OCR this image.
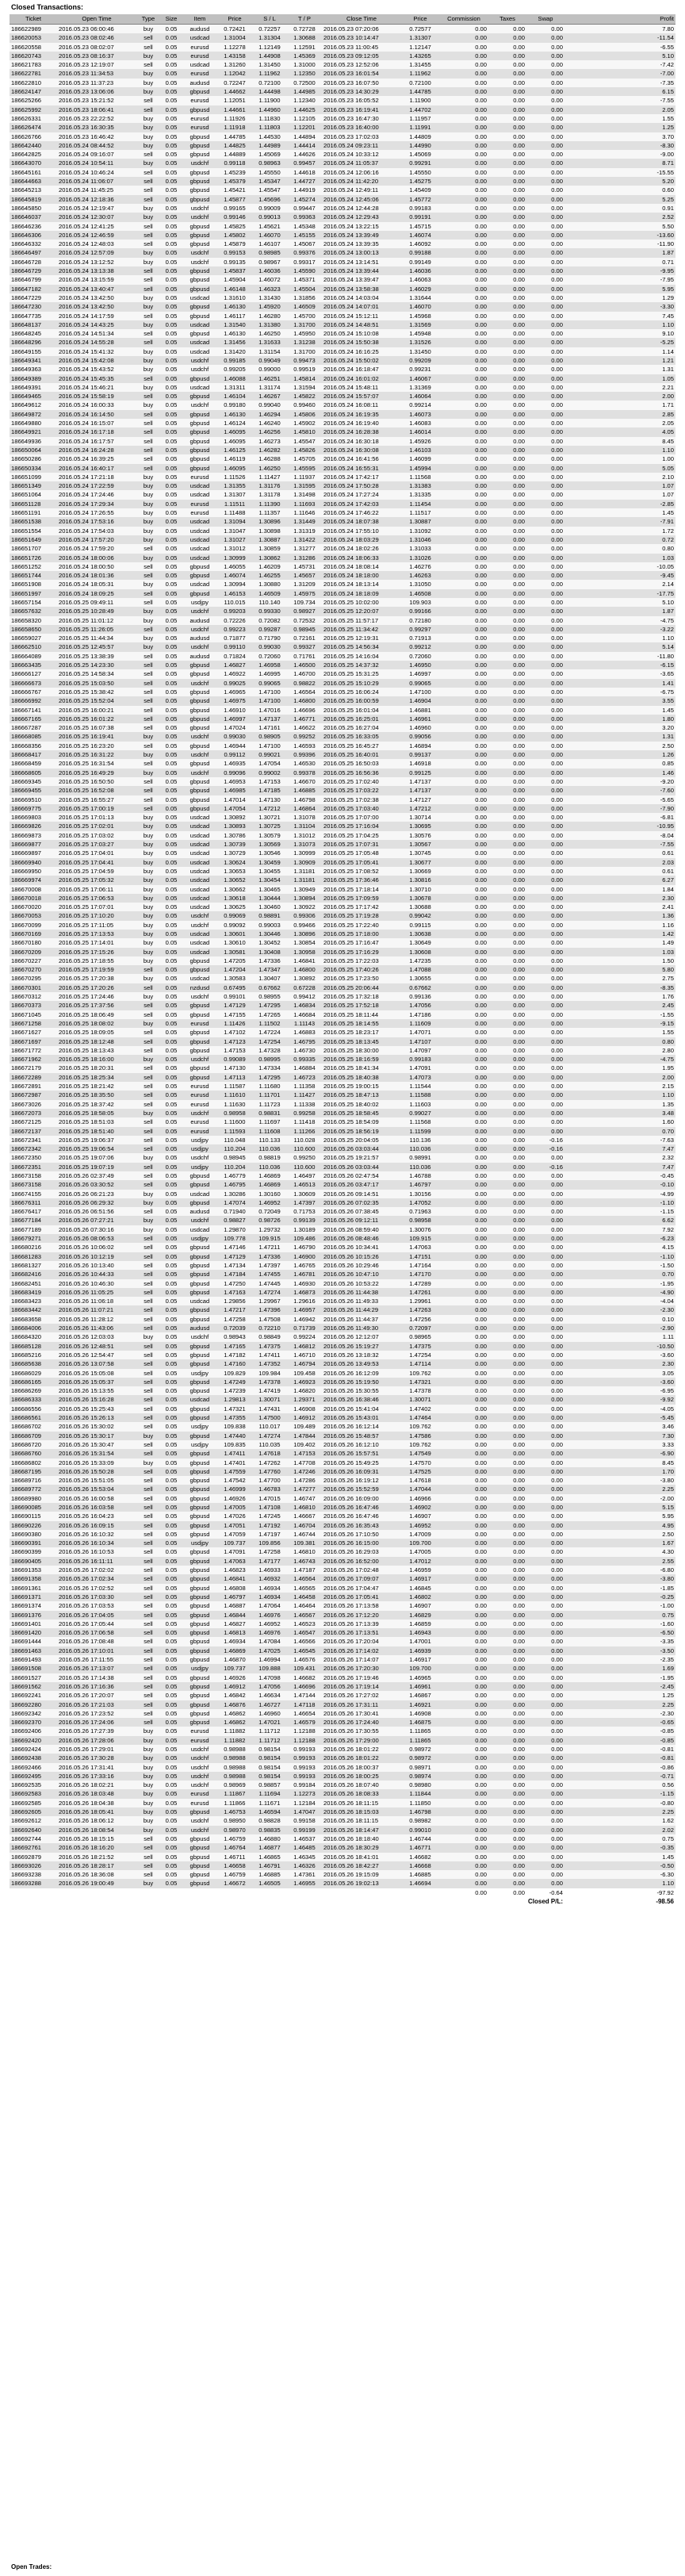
Closed Transactions:
Ticket	Open Time	Type	Size	Item	Price	S / L	T / P	Close Time	Price	Commission	Taxes	Swap	Profit
186622989	2016.05.23 06:00:46	buy	0.05	audusd	0.72421	0.72257	0.72728	2016.05.23 07:20:06	0.72577	0.00	0.00	0.00	7.80
186620053	2016.05.23 08:02:46	sell	0.05	usdcad	1.31004	1.31304	1.30688	2016.05.23 10:14:47	1.31307	0.00	0.00	0.00	-11.54
186620558	2016.05.23 08:02:07	sell	0.05	eurusd	1.12278	1.12149	1.12591	2016.05.23 11:00:45	1.12147	0.00	0.00	0.00	-6.55
186620743	2016.05.23 08:16:37	buy	0.05	eurusd	1.43158	1.44908	1.45369	2016.05.23 09:12:05	1.43265	0.00	0.00	0.00	5.10
186621783	2016.05.23 12:19:07	sell	0.05	usdcad	1.31260	1.31450	1.31000	2016.05.23 12:52:06	1.31455	0.00	0.00	0.00	-7.42
186622781	2016.05.23 11:34:53	buy	0.05	eurusd	1.12042	1.11962	1.12350	2016.05.23 16:01:54	1.11962	0.00	0.00	0.00	-7.00
186622810	2016.05.23 11:37:23	buy	0.05	audusd	0.72247	0.72100	0.72500	2016.05.23 16:07:50	0.72100	0.00	0.00	0.00	-7.35
186624147	2016.05.23 13:06:06	buy	0.05	gbpusd	1.44662	1.44498	1.44985	2016.05.23 14:30:29	1.44785	0.00	0.00	0.00	6.15
186625266	2016.05.23 15:21:52	sell	0.05	eurusd	1.12051	1.11900	1.12340	2016.05.23 16:05:52	1.11900	0.00	0.00	0.00	-7.55
186625992	2016.05.23 18:06:41	sell	0.05	gbpusd	1.44661	1.44960	1.44625	2016.05.23 16:19:41	1.44702	0.00	0.00	0.00	2.05
186626331	2016.05.23 22:22:52	buy	0.05	eurusd	1.11926	1.11830	1.12105	2016.05.23 16:47:30	1.11957	0.00	0.00	0.00	1.55
186626474	2016.05.23 16:30:35	buy	0.05	eurusd	1.11918	1.11803	1.12201	2016.05.23 16:40:00	1.11991	0.00	0.00	0.00	1.25
186626766	2016.05.23 16:46:42	buy	0.05	gbpusd	1.44785	1.44530	1.44894	2016.05.23 17:02:03	1.44809	0.00	0.00	0.00	3.70
186642440	2016.05.24 08:44:52	buy	0.05	gbpusd	1.44825	1.44989	1.44414	2016.05.24 09:23:11	1.44990	0.00	0.00	0.00	-8.30
186642825	2016.05.24 09:16:07	sell	0.05	gbpusd	1.44889	1.45069	1.44626	2016.05.24 10:33:12	1.45069	0.00	0.00	0.00	-9.00
186643070	2016.05.24 10:54:11	buy	0.05	usdchf	0.99118	0.98963	0.99457	2016.05.24 11:05:37	0.99291	0.00	0.00	0.00	8.71
186645161	2016.05.24 10:46:24	sell	0.05	gbpusd	1.45239	1.45550	1.44618	2016.05.24 12:06:16	1.45550	0.00	0.00	0.00	-15.55
186644663	2016.05.24 11:06:07	sell	0.05	gbpusd	1.45379	1.45347	1.44727	2016.05.24 11:42:20	1.45275	0.00	0.00	0.00	5.20
186645213	2016.05.24 11:45:25	sell	0.05	gbpusd	1.45421	1.45547	1.44919	2016.05.24 12:49:11	1.45409	0.00	0.00	0.00	0.60
186645819	2016.05.24 12:18:36	sell	0.05	gbpusd	1.45877	1.45696	1.45274	2016.05.24 12:45:06	1.45772	0.00	0.00	0.00	5.25
186645850	2016.05.24 12:19:47	buy	0.05	usdchf	0.99165	0.99009	0.99447	2016.05.24 12:44:28	0.99183	0.00	0.00	0.00	0.91
186646037	2016.05.24 12:30:07	buy	0.05	usdchf	0.99146	0.99013	0.99363	2016.05.24 12:29:43	0.99191	0.00	0.00	0.00	2.52
186646236	2016.05.24 12:41:25	sell	0.05	gbpusd	1.45825	1.45621	1.45348	2016.05.24 13:22:15	1.45715	0.00	0.00	0.00	5.50
186646306	2016.05.24 12:46:59	sell	0.05	gbpusd	1.45802	1.46070	1.45155	2016.05.24 13:39:49	1.46074	0.00	0.00	0.00	-13.60
186646332	2016.05.24 12:48:03	sell	0.05	gbpusd	1.45879	1.46107	1.45067	2016.05.24 13:39:35	1.46092	0.00	0.00	0.00	-11.90
186646497	2016.05.24 12:57:09	buy	0.05	usdchf	0.99153	0.98985	0.99376	2016.05.24 13:00:13	0.99188	0.00	0.00	0.00	1.87
186646728	2016.05.24 13:12:52	buy	0.05	usdchf	0.99135	0.98967	0.99317	2016.05.24 13:14:51	0.99149	0.00	0.00	0.00	0.71
186646729	2016.05.24 13:13:38	sell	0.05	gbpusd	1.45837	1.46036	1.45590	2016.05.24 13:39:44	1.46036	0.00	0.00	0.00	-9.95
186646799	2016.05.24 13:15:59	sell	0.05	gbpusd	1.45904	1.46072	1.45371	2016.05.24 13:39:47	1.46063	0.00	0.00	0.00	-7.95
186647182	2016.05.24 13:40:47	sell	0.05	gbpusd	1.46148	1.46323	1.45504	2016.05.24 13:58:38	1.46029	0.00	0.00	0.00	5.95
186647229	2016.05.24 13:42:50	buy	0.05	usdcad	1.31610	1.31430	1.31856	2016.05.24 14:03:04	1.31644	0.00	0.00	0.00	1.29
186647230	2016.05.24 13:42:50	buy	0.05	gbpusd	1.46130	1.45920	1.46509	2016.05.24 14:07:01	1.46070	0.00	0.00	0.00	-3.30
186647735	2016.05.24 14:17:59	sell	0.05	gbpusd	1.46117	1.46280	1.45700	2016.05.24 15:12:11	1.45968	0.00	0.00	0.00	7.45
186648137	2016.05.24 14:43:25	buy	0.05	usdcad	1.31540	1.31380	1.31700	2016.05.24 14:48:51	1.31569	0.00	0.00	0.00	1.10
186648245	2016.05.24 14:51:34	sell	0.05	gbpusd	1.46130	1.46250	1.45950	2016.05.24 15:10:08	1.45948	0.00	0.00	0.00	9.10
186648296	2016.05.24 14:55:28	sell	0.05	usdcad	1.31456	1.31633	1.31238	2016.05.24 15:50:38	1.31526	0.00	0.00	0.00	-5.25
186649155	2016.05.24 15:41:32	buy	0.05	usdcad	1.31420	1.31154	1.31700	2016.05.24 16:16:25	1.31450	0.00	0.00	0.00	1.14
186649341	2016.05.24 15:42:08	buy	0.05	usdchf	0.99185	0.99049	0.99473	2016.05.24 15:50:02	0.99209	0.00	0.00	0.00	1.21
186649363	2016.05.24 15:43:52	buy	0.05	usdchf	0.99205	0.99000	0.99519	2016.05.24 16:18:47	0.99231	0.00	0.00	0.00	1.31
186649389	2016.05.24 15:45:35	sell	0.05	gbpusd	1.46088	1.46251	1.45814	2016.05.24 16:01:02	1.46067	0.00	0.00	0.00	1.05
186649391	2016.05.24 15:46:21	buy	0.05	usdcad	1.31311	1.31174	1.31594	2016.05.24 15:48:11	1.31369	0.00	0.00	0.00	2.21
186649465	2016.05.24 15:58:19	sell	0.05	gbpusd	1.46104	1.46267	1.45822	2016.05.24 15:57:07	1.46064	0.00	0.00	0.00	2.00
186649612	2016.05.24 16:00:33	buy	0.05	usdchf	0.99180	0.99040	0.99460	2016.05.24 16:08:11	0.99214	0.00	0.00	0.00	1.71
186649872	2016.05.24 16:14:50	sell	0.05	gbpusd	1.46130	1.46294	1.45806	2016.05.24 16:19:35	1.46073	0.00	0.00	0.00	2.85
186649880	2016.05.24 16:15:07	sell	0.05	gbpusd	1.46124	1.46240	1.45902	2016.05.24 16:19:40	1.46083	0.00	0.00	0.00	2.05
186649921	2016.05.24 16:17:18	sell	0.05	gbpusd	1.46095	1.46256	1.45810	2016.05.24 16:28:38	1.46014	0.00	0.00	0.00	4.05
186649936	2016.05.24 16:17:57	sell	0.05	gbpusd	1.46095	1.46273	1.45547	2016.05.24 16:30:18	1.45926	0.00	0.00	0.00	8.45
186650064	2016.05.24 16:24:28	sell	0.05	gbpusd	1.46125	1.46282	1.45826	2016.05.24 16:30:08	1.46103	0.00	0.00	0.00	1.10
186650286	2016.05.24 16:39:25	sell	0.05	gbpusd	1.46119	1.46288	1.45705	2016.05.24 16:41:56	1.46099	0.00	0.00	0.00	1.00
186650334	2016.05.24 16:40:17	sell	0.05	gbpusd	1.46095	1.46250	1.45595	2016.05.24 16:55:31	1.45994	0.00	0.00	0.00	5.05
186651099	2016.05.24 17:21:18	buy	0.05	eurusd	1.11526	1.11427	1.11937	2016.05.24 17:42:17	1.11568	0.00	0.00	0.00	2.10
186651349	2016.05.24 17:22:59	buy	0.05	usdcad	1.31355	1.31176	1.31595	2016.05.24 17:50:28	1.31383	0.00	0.00	0.00	1.07
186651064	2016.05.24 17:24:46	buy	0.05	usdcad	1.31307	1.31178	1.31498	2016.05.24 17:27:24	1.31335	0.00	0.00	0.00	1.07
186651128	2016.05.24 17:29:34	buy	0.05	eurusd	1.11511	1.11390	1.11693	2016.05.24 17:42:03	1.11454	0.00	0.00	0.00	-2.85
186651191	2016.05.24 17:26:55	buy	0.05	eurusd	1.11488	1.11357	1.11646	2016.05.24 17:46:22	1.11517	0.00	0.00	0.00	1.45
186651538	2016.05.24 17:53:16	buy	0.05	usdcad	1.31094	1.30896	1.31449	2016.05.24 18:07:38	1.30887	0.00	0.00	0.00	-7.91
186651554	2016.05.24 17:54:03	buy	0.05	usdcad	1.31047	1.30898	1.31319	2016.05.24 17:55:10	1.31092	0.00	0.00	0.00	1.72
186651649	2016.05.24 17:57:20	buy	0.05	usdcad	1.31027	1.30887	1.31422	2016.05.24 18:03:29	1.31046	0.00	0.00	0.00	0.72
186651707	2016.05.24 17:59:20	sell	0.05	usdcad	1.31012	1.30859	1.31277	2016.05.24 18:02:26	1.31033	0.00	0.00	0.00	0.80
186651726	2016.05.24 18:00:06	buy	0.05	usdcad	1.30999	1.30862	1.31286	2016.05.24 18:06:33	1.31026	0.00	0.00	0.00	1.03
186651252	2016.05.24 18:00:50	sell	0.05	gbpusd	1.46055	1.46209	1.45731	2016.05.24 18:08:14	1.46276	0.00	0.00	0.00	-10.05
186651744	2016.05.24 18:01:36	sell	0.05	gbpusd	1.46074	1.46255	1.45657	2016.05.24 18:18:00	1.46263	0.00	0.00	0.00	-9.45
186651908	2016.05.24 18:05:31	buy	0.05	usdcad	1.30994	1.30880	1.31209	2016.05.24 18:13:14	1.31050	0.00	0.00	0.00	2.14
186651997	2016.05.24 18:09:25	sell	0.05	gbpusd	1.46153	1.46509	1.45975	2016.05.24 18:18:09	1.46508	0.00	0.00	0.00	-17.75
186657154	2016.05.25 09:49:11	sell	0.05	usdjpy	110.015	110.140	109.734	2016.05.25 10:02:00	109.903	0.00	0.00	0.00	5.10
186657632	2016.05.25 10:28:49	buy	0.05	usdchf	0.99203	0.99330	0.98927	2016.05.25 12:20:07	0.99166	0.00	0.00	0.00	1.87
186658320	2016.05.25 11:01:12	buy	0.05	audusd	0.72226	0.72082	0.72532	2016.05.25 11:57:17	0.72180	0.00	0.00	0.00	-4.75
186658650	2016.05.25 11:26:05	sell	0.05	usdchf	0.99223	0.99287	0.98945	2016.05.25 11:34:42	0.99297	0.00	0.00	0.00	-3.22
186659027	2016.05.25 11:44:34	buy	0.05	audusd	0.71877	0.71790	0.72161	2016.05.25 12:19:31	0.71913	0.00	0.00	0.00	1.10
186662510	2016.05.25 12:45:57	buy	0.05	usdchf	0.99110	0.99030	0.99327	2016.05.25 14:56:34	0.99212	0.00	0.00	0.00	5.14
186664089	2016.05.25 13:38:39	sell	0.05	audusd	0.71824	0.72060	0.71761	2016.05.25 14:16:04	0.72060	0.00	0.00	0.00	-11.80
186663435	2016.05.25 14:23:30	sell	0.05	gbpusd	1.46827	1.46958	1.46500	2016.05.25 14:37:32	1.46950	0.00	0.00	0.00	-6.15
186666127	2016.05.25 14:58:34	sell	0.05	gbpusd	1.46922	1.46995	1.46700	2016.05.25 15:31:25	1.46997	0.00	0.00	0.00	-3.65
186666673	2016.05.25 15:03:50	sell	0.05	usdchf	0.99025	0.99065	0.98822	2016.05.25 15:10:29	0.99065	0.00	0.00	0.00	1.41
186666767	2016.05.25 15:38:42	sell	0.05	gbpusd	1.46965	1.47100	1.46564	2016.05.25 16:06:24	1.47100	0.00	0.00	0.00	-6.75
186666992	2016.05.25 15:52:04	sell	0.05	gbpusd	1.46975	1.47100	1.46800	2016.05.25 16:00:59	1.46904	0.00	0.00	0.00	3.55
186667141	2016.05.25 16:00:21	sell	0.05	gbpusd	1.46910	1.47016	1.46696	2016.05.25 16:01:04	1.46881	0.00	0.00	0.00	1.45
186667165	2016.05.25 16:01:22	sell	0.05	gbpusd	1.46997	1.47137	1.46771	2016.05.25 16:25:01	1.46961	0.00	0.00	0.00	1.80
186667287	2016.05.25 16:07:38	sell	0.05	gbpusd	1.47024	1.47161	1.46622	2016.05.25 16:27:04	1.46960	0.00	0.00	0.00	3.20
186668085	2016.05.25 16:19:41	buy	0.05	usdchf	0.99030	0.98905	0.99252	2016.05.25 16:33:05	0.99056	0.00	0.00	0.00	1.31
186668356	2016.05.25 16:23:20	sell	0.05	gbpusd	1.46944	1.47100	1.46593	2016.05.25 16:45:27	1.46894	0.00	0.00	0.00	2.50
186668417	2016.05.25 16:31:22	buy	0.05	usdchf	0.99112	0.99021	0.99396	2016.05.25 16:40:01	0.99137	0.00	0.00	0.00	1.26
186668459	2016.05.25 16:31:54	sell	0.05	gbpusd	1.46935	1.47054	1.46530	2016.05.25 16:50:03	1.46918	0.00	0.00	0.00	0.85
186668605	2016.05.25 16:49:29	buy	0.05	usdchf	0.99096	0.99002	0.99378	2016.05.25 16:56:36	0.99125	0.00	0.00	0.00	1.46
186669345	2016.05.25 16:50:50	sell	0.05	gbpusd	1.46953	1.47153	1.46670	2016.05.25 17:02:40	1.47137	0.00	0.00	0.00	-9.20
186669455	2016.05.25 16:52:08	sell	0.05	gbpusd	1.46985	1.47185	1.46885	2016.05.25 17:03:22	1.47137	0.00	0.00	0.00	-7.60
186669510	2016.05.25 16:55:27	sell	0.05	gbpusd	1.47014	1.47130	1.46798	2016.05.25 17:02:38	1.47127	0.00	0.00	0.00	-5.65
186669775	2016.05.25 17:00:19	sell	0.05	gbpusd	1.47054	1.47212	1.46864	2016.05.25 17:03:40	1.47212	0.00	0.00	0.00	-7.90
186669803	2016.05.25 17:01:13	buy	0.05	usdcad	1.30892	1.30721	1.31078	2016.05.25 17:07:00	1.30714	0.00	0.00	0.00	-6.81
186669826	2016.05.25 17:02:01	buy	0.05	usdcad	1.30893	1.30725	1.31104	2016.05.25 17:16:04	1.30695	0.00	0.00	0.00	-10.95
186669873	2016.05.25 17:03:02	buy	0.05	usdcad	1.30786	1.30579	1.31012	2016.05.25 17:04:25	1.30576	0.00	0.00	0.00	-8.04
186669877	2016.05.25 17:03:27	buy	0.05	usdcad	1.30739	1.30569	1.31073	2016.05.25 17:07:31	1.30567	0.00	0.00	0.00	-7.55
186669897	2016.05.25 17:04:01	buy	0.05	usdcad	1.30729	1.30546	1.30999	2016.05.25 17:05:48	1.30745	0.00	0.00	0.00	0.61
186669940	2016.05.25 17:04:41	buy	0.05	usdcad	1.30624	1.30459	1.30909	2016.05.25 17:05:41	1.30677	0.00	0.00	0.00	2.03
186669950	2016.05.25 17:04:59	buy	0.05	usdcad	1.30653	1.30455	1.31181	2016.05.25 17:08:52	1.30669	0.00	0.00	0.00	0.61
186669974	2016.05.25 17:05:32	buy	0.05	usdcad	1.30652	1.30454	1.31181	2016.05.25 17:36:46	1.30816	0.00	0.00	0.00	6.27
186670008	2016.05.25 17:06:11	buy	0.05	usdcad	1.30662	1.30465	1.30949	2016.05.25 17:18:14	1.30710	0.00	0.00	0.00	1.84
186670018	2016.05.25 17:06:53	buy	0.05	usdcad	1.30618	1.30444	1.30894	2016.05.25 17:09:59	1.30678	0.00	0.00	0.00	2.30
186670020	2016.05.25 17:07:01	buy	0.05	usdcad	1.30625	1.30460	1.30922	2016.05.25 17:17:42	1.30688	0.00	0.00	0.00	2.41
186670053	2016.05.25 17:10:20	buy	0.05	usdchf	0.99069	0.98891	0.99306	2016.05.25 17:19:28	0.99042	0.00	0.00	0.00	1.36
186670099	2016.05.25 17:11:05	buy	0.05	usdchf	0.99092	0.99003	0.99466	2016.05.25 17:22:40	0.99115	0.00	0.00	0.00	1.16
186670169	2016.05.25 17:13:53	buy	0.05	usdcad	1.30601	1.30446	1.30896	2016.05.25 17:18:00	1.30638	0.00	0.00	0.00	1.42
186670180	2016.05.25 17:14:01	buy	0.05	usdcad	1.30610	1.30452	1.30854	2016.05.25 17:16:47	1.30649	0.00	0.00	0.00	1.49
186670209	2016.05.25 17:15:26	buy	0.05	usdcad	1.30581	1.30408	1.30958	2016.05.25 17:16:29	1.30608	0.00	0.00	0.00	1.03
186670227	2016.05.25 17:18:55	buy	0.05	gbpusd	1.47205	1.47336	1.46841	2016.05.25 17:22:03	1.47235	0.00	0.00	0.00	1.50
186670270	2016.05.25 17:19:59	sell	0.05	gbpusd	1.47204	1.47347	1.46800	2016.05.25 17:40:26	1.47088	0.00	0.00	0.00	5.80
186670295	2016.05.25 17:20:38	buy	0.05	usdcad	1.30583	1.30407	1.30892	2016.05.25 17:23:50	1.30655	0.00	0.00	0.00	2.75
186670301	2016.05.25 17:20:26	sell	0.05	nzdusd	0.67495	0.67662	0.67228	2016.05.25 20:06:44	0.67662	0.00	0.00	0.00	-8.35
186670312	2016.05.25 17:24:46	buy	0.05	usdchf	0.99101	0.98955	0.99412	2016.05.25 17:32:18	0.99136	0.00	0.00	0.00	1.76
186670373	2016.05.25 17:37:56	sell	0.05	gbpusd	1.47129	1.47295	1.46834	2016.05.25 17:52:18	1.47056	0.00	0.00	0.00	2.45
186671045	2016.05.25 18:06:49	sell	0.05	gbpusd	1.47155	1.47265	1.46684	2016.05.25 18:11:44	1.47186	0.00	0.00	0.00	-1.55
186671258	2016.05.25 18:08:02	buy	0.05	eurusd	1.11426	1.11502	1.11143	2016.05.25 18:14:55	1.11609	0.00	0.00	0.00	-9.15
186671627	2016.05.25 18:09:05	sell	0.05	gbpusd	1.47102	1.47224	1.46883	2016.05.25 18:23:17	1.47071	0.00	0.00	0.00	1.55
186671697	2016.05.25 18:12:48	sell	0.05	gbpusd	1.47123	1.47254	1.46795	2016.05.25 18:13:45	1.47107	0.00	0.00	0.00	0.80
186671772	2016.05.25 18:13:43	sell	0.05	gbpusd	1.47153	1.47328	1.46730	2016.05.25 18:30:00	1.47097	0.00	0.00	0.00	2.80
186671962	2016.05.25 18:16:00	buy	0.05	usdchf	0.99089	0.98995	0.99335	2016.05.25 18:16:59	0.99183	0.00	0.00	0.00	-4.75
186672179	2016.05.25 18:20:31	sell	0.05	gbpusd	1.47130	1.47334	1.46884	2016.05.25 18:41:34	1.47091	0.00	0.00	0.00	1.95
186672289	2016.05.25 18:25:34	sell	0.05	gbpusd	1.47113	1.47295	1.46723	2016.05.25 18:40:38	1.47073	0.00	0.00	0.00	2.00
186672891	2016.05.25 18:21:42	sell	0.05	eurusd	1.11587	1.11680	1.11358	2016.05.25 19:00:15	1.11544	0.00	0.00	0.00	2.15
186672987	2016.05.25 18:35:50	sell	0.05	eurusd	1.11610	1.11701	1.11427	2016.05.25 18:47:13	1.11588	0.00	0.00	0.00	1.10
186673026	2016.05.25 18:37:42	sell	0.05	eurusd	1.11630	1.11723	1.11338	2016.05.25 18:40:02	1.11603	0.00	0.00	0.00	1.35
186672073	2016.05.25 18:58:05	buy	0.05	usdchf	0.98958	0.98831	0.99258	2016.05.25 18:58:45	0.99027	0.00	0.00	0.00	3.48
186672125	2016.05.25 18:51:03	sell	0.05	eurusd	1.11600	1.11697	1.11418	2016.05.25 18:54:09	1.11568	0.00	0.00	0.00	1.60
186672137	2016.05.25 18:51:40	sell	0.05	eurusd	1.11593	1.11608	1.11266	2016.05.25 18:56:19	1.11599	0.00	0.00	0.00	0.70
186672341	2016.05.25 19:06:37	sell	0.05	usdjpy	110.048	110.133	110.028	2016.05.25 20:04:05	110.136	0.00	0.00	-0.16	-7.63
186672342	2016.05.25 19:06:54	sell	0.05	usdjpy	110.204	110.036	110.600	2016.05.26 03:03:44	110.036	0.00	0.00	-0.16	7.47
186672350	2016.05.25 19:07:06	buy	0.05	usdchf	0.98945	0.98819	0.99250	2016.05.25 19:21:57	0.98991	0.00	0.00	0.00	2.32
186672351	2016.05.25 19:07:19	sell	0.05	usdjpy	110.204	110.036	110.600	2016.05.26 03:03:44	110.036	0.00	0.00	-0.16	7.47
186673158	2016.05.26 02:37:49	sell	0.05	gbpusd	1.46779	1.46869	1.46497	2016.05.26 02:47:54	1.46788	0.00	0.00	0.00	-0.45
186673158	2016.05.26 03:30:52	sell	0.05	gbpusd	1.46795	1.46869	1.46513	2016.05.26 03:47:17	1.46797	0.00	0.00	0.00	-0.10
186674155	2016.05.26 06:21:23	buy	0.05	usdcad	1.30286	1.30160	1.30609	2016.05.26 09:14:51	1.30156	0.00	0.00	0.00	-4.99
186676311	2016.05.26 06:29:32	buy	0.05	gbpusd	1.47074	1.46952	1.47397	2016.05.26 07:02:35	1.47052	0.00	0.00	0.00	-1.10
186676417	2016.05.26 06:51:56	sell	0.05	audusd	0.71940	0.72049	0.71753	2016.05.26 07:38:45	0.71963	0.00	0.00	0.00	-1.15
186677184	2016.05.26 07:27:21	buy	0.05	usdchf	0.98827	0.98726	0.99139	2016.05.26 09:12:11	0.98958	0.00	0.00	0.00	6.62
186677189	2016.05.26 07:30:16	buy	0.05	usdcad	1.29870	1.29732	1.30189	2016.05.26 08:59:40	1.30076	0.00	0.00	0.00	7.92
186679271	2016.05.26 08:06:53	sell	0.05	usdjpy	109.778	109.915	109.486	2016.05.26 08:48:46	109.915	0.00	0.00	0.00	-6.23
186680216	2016.05.26 10:06:02	sell	0.05	gbpusd	1.47146	1.47211	1.46790	2016.05.26 10:34:41	1.47063	0.00	0.00	0.00	4.15
186681283	2016.05.26 10:12:19	sell	0.05	gbpusd	1.47129	1.47336	1.46900	2016.05.26 10:15:26	1.47151	0.00	0.00	0.00	-1.10
186681327	2016.05.26 10:13:40	sell	0.05	gbpusd	1.47134	1.47397	1.46765	2016.05.26 10:29:46	1.47164	0.00	0.00	0.00	-1.50
186682416	2016.05.26 10:44:33	sell	0.05	gbpusd	1.47184	1.47455	1.46781	2016.05.26 10:47:10	1.47170	0.00	0.00	0.00	0.70
186682451	2016.05.26 10:46:30	sell	0.05	gbpusd	1.47250	1.47445	1.46930	2016.05.26 10:53:22	1.47289	0.00	0.00	0.00	-1.95
186683419	2016.05.26 11:05:25	sell	0.05	gbpusd	1.47163	1.47274	1.46873	2016.05.26 11:44:38	1.47261	0.00	0.00	0.00	-4.90
186683423	2016.05.26 11:06:18	sell	0.05	usdcad	1.29856	1.29967	1.29616	2016.05.26 11:49:33	1.29961	0.00	0.00	0.00	-4.04
186683442	2016.05.26 11:07:21	sell	0.05	gbpusd	1.47217	1.47396	1.46957	2016.05.26 11:44:29	1.47263	0.00	0.00	0.00	-2.30
186683658	2016.05.26 11:28:12	sell	0.05	gbpusd	1.47258	1.47508	1.46942	2016.05.26 11:44:37	1.47256	0.00	0.00	0.00	0.10
186684006	2016.05.26 11:43:06	sell	0.05	audusd	0.72039	0.72210	0.71739	2016.05.26 11:49:30	0.72097	0.00	0.00	0.00	-2.90
186684320	2016.05.26 12:03:03	buy	0.05	usdchf	0.98943	0.98849	0.99224	2016.05.26 12:12:07	0.98965	0.00	0.00	0.00	1.11
186685128	2016.05.26 12:48:51	sell	0.05	gbpusd	1.47165	1.47375	1.46812	2016.05.26 15:19:27	1.47375	0.00	0.00	0.00	-10.50
186685216	2016.05.26 12:54:47	sell	0.05	gbpusd	1.47182	1.47411	1.46710	2016.05.26 13:18:32	1.47254	0.00	0.00	0.00	-3.60
186685638	2016.05.26 13:07:58	sell	0.05	gbpusd	1.47160	1.47352	1.46794	2016.05.26 13:49:53	1.47114	0.00	0.00	0.00	2.30
186686029	2016.05.26 15:05:08	sell	0.05	usdjpy	109.829	109.984	109.458	2016.05.26 16:12:09	109.762	0.00	0.00	0.00	3.05
186686165	2016.05.26 15:05:37	sell	0.05	gbpusd	1.47249	1.47378	1.46923	2016.05.26 15:19:50	1.47321	0.00	0.00	0.00	-3.60
186686269	2016.05.26 15:13:55	sell	0.05	gbpusd	1.47239	1.47419	1.46820	2016.05.26 15:30:55	1.47378	0.00	0.00	0.00	-6.95
186686333	2016.05.26 15:16:28	sell	0.05	usdcad	1.29813	1.30071	1.29371	2016.05.26 16:38:46	1.30071	0.00	0.00	0.00	-9.92
186686556	2016.05.26 15:25:43	sell	0.05	gbpusd	1.47321	1.47431	1.46908	2016.05.26 15:41:04	1.47402	0.00	0.00	0.00	-4.05
186686561	2016.05.26 15:26:13	sell	0.05	gbpusd	1.47355	1.47500	1.46912	2016.05.26 15:43:01	1.47464	0.00	0.00	0.00	-5.45
186686702	2016.05.26 15:30:02	sell	0.05	usdjpy	109.838	110.017	109.489	2016.05.26 16:12:14	109.762	0.00	0.00	0.00	3.46
186686709	2016.05.26 15:30:17	buy	0.05	gbpusd	1.47440	1.47274	1.47844	2016.05.26 15:48:57	1.47586	0.00	0.00	0.00	7.30
186686720	2016.05.26 15:30:47	sell	0.05	usdjpy	109.835	110.035	109.402	2016.05.26 16:12:10	109.762	0.00	0.00	0.00	3.33
186686760	2016.05.26 15:31:54	sell	0.05	gbpusd	1.47411	1.47618	1.47153	2016.05.26 15:57:51	1.47549	0.00	0.00	0.00	-6.90
186686802	2016.05.26 15:33:09	buy	0.05	gbpusd	1.47401	1.47262	1.47708	2016.05.26 15:49:25	1.47570	0.00	0.00	0.00	8.45
186687195	2016.05.26 15:50:28	sell	0.05	gbpusd	1.47559	1.47760	1.47246	2016.05.26 16:09:31	1.47525	0.00	0.00	0.00	1.70
186689716	2016.05.26 15:51:05	sell	0.05	gbpusd	1.47542	1.47700	1.47286	2016.05.26 16:19:12	1.47618	0.00	0.00	0.00	-3.80
186689772	2016.05.26 15:53:04	sell	0.05	gbpusd	1.46999	1.46783	1.47277	2016.05.26 15:52:59	1.47044	0.00	0.00	0.00	2.25
186689980	2016.05.26 16:00:58	sell	0.05	gbpusd	1.46926	1.47015	1.46747	2016.05.26 16:09:00	1.46966	0.00	0.00	0.00	-2.00
186690085	2016.05.26 16:03:58	sell	0.05	gbpusd	1.47005	1.47108	1.46810	2016.05.26 16:47:46	1.46902	0.00	0.00	0.00	5.15
186690115	2016.05.26 16:04:23	sell	0.05	gbpusd	1.47026	1.47245	1.46667	2016.05.26 16:47:46	1.46907	0.00	0.00	0.00	5.95
186690226	2016.05.26 16:09:15	sell	0.05	gbpusd	1.47051	1.47192	1.46704	2016.05.26 16:35:43	1.46952	0.00	0.00	0.00	4.95
186690380	2016.05.26 16:10:32	sell	0.05	gbpusd	1.47059	1.47197	1.46744	2016.05.26 17:10:50	1.47009	0.00	0.00	0.00	2.50
186690391	2016.05.26 16:10:34	sell	0.05	usdjpy	109.737	109.856	109.381	2016.05.26 16:15:00	109.700	0.00	0.00	0.00	1.67
186690399	2016.05.26 16:10:53	sell	0.05	gbpusd	1.47091	1.47258	1.46810	2016.05.26 16:29:03	1.47005	0.00	0.00	0.00	4.30
186690405	2016.05.26 16:11:11	sell	0.05	gbpusd	1.47063	1.47177	1.46743	2016.05.26 16:52:00	1.47012	0.00	0.00	0.00	2.55
186691353	2016.05.26 17:02:02	sell	0.05	gbpusd	1.46823	1.46933	1.47187	2016.05.26 17:02:48	1.46959	0.00	0.00	0.00	-6.80
186691358	2016.05.26 17:02:34	sell	0.05	gbpusd	1.46841	1.46932	1.46564	2016.05.26 17:09:07	1.46917	0.00	0.00	0.00	-3.80
186691361	2016.05.26 17:02:52	sell	0.05	gbpusd	1.46808	1.46934	1.46565	2016.05.26 17:04:47	1.46845	0.00	0.00	0.00	-1.85
186691371	2016.05.26 17:03:30	sell	0.05	gbpusd	1.46797	1.46934	1.46458	2016.05.26 17:05:41	1.46802	0.00	0.00	0.00	-0.25
186691374	2016.05.26 17:03:53	sell	0.05	gbpusd	1.46887	1.47064	1.46464	2016.05.26 17:13:58	1.46907	0.00	0.00	0.00	-1.00
186691376	2016.05.26 17:04:05	sell	0.05	gbpusd	1.46844	1.46976	1.46567	2016.05.26 17:12:20	1.46829	0.00	0.00	0.00	0.75
186691401	2016.05.26 17:05:44	sell	0.05	gbpusd	1.46827	1.46952	1.46523	2016.05.26 17:13:39	1.46859	0.00	0.00	0.00	-1.60
186691420	2016.05.26 17:06:58	sell	0.05	gbpusd	1.46813	1.46976	1.46547	2016.05.26 17:13:51	1.46943	0.00	0.00	0.00	-6.50
186691444	2016.05.26 17:08:48	sell	0.05	gbpusd	1.46934	1.47084	1.46566	2016.05.26 17:20:04	1.47001	0.00	0.00	0.00	-3.35
186691463	2016.05.26 17:10:01	sell	0.05	gbpusd	1.46869	1.47025	1.46545	2016.05.26 17:14:02	1.46939	0.00	0.00	0.00	-3.50
186691493	2016.05.26 17:11:55	sell	0.05	gbpusd	1.46870	1.46994	1.46576	2016.05.26 17:14:07	1.46917	0.00	0.00	0.00	-2.35
186691508	2016.05.26 17:13:07	sell	0.05	usdjpy	109.737	109.888	109.431	2016.05.26 17:20:30	109.700	0.00	0.00	0.00	1.69
186691527	2016.05.26 17:14:38	sell	0.05	gbpusd	1.46926	1.47098	1.46682	2016.05.26 17:19:46	1.46965	0.00	0.00	0.00	-1.95
186691562	2016.05.26 17:16:36	sell	0.05	gbpusd	1.46912	1.47056	1.46696	2016.05.26 17:19:14	1.46961	0.00	0.00	0.00	-2.45
186692241	2016.05.26 17:20:07	sell	0.05	gbpusd	1.46842	1.46634	1.47144	2016.05.26 17:27:02	1.46867	0.00	0.00	0.00	1.25
186692280	2016.05.26 17:21:03	sell	0.05	gbpusd	1.46876	1.46727	1.47118	2016.05.26 17:31:11	1.46921	0.00	0.00	0.00	2.25
186692342	2016.05.26 17:23:52	sell	0.05	gbpusd	1.46862	1.46960	1.46654	2016.05.26 17:30:41	1.46908	0.00	0.00	0.00	-2.30
186692370	2016.05.26 17:24:06	sell	0.05	gbpusd	1.46862	1.47021	1.46579	2016.05.26 17:24:40	1.46875	0.00	0.00	0.00	-0.65
186692406	2016.05.26 17:27:39	buy	0.05	eurusd	1.11882	1.11712	1.12188	2016.05.26 17:30:55	1.11865	0.00	0.00	0.00	-0.85
186692420	2016.05.26 17:28:06	buy	0.05	eurusd	1.11882	1.11712	1.12188	2016.05.26 17:29:00	1.11865	0.00	0.00	0.00	-0.85
186692424	2016.05.26 17:29:01	buy	0.05	usdchf	0.98988	0.98154	0.99193	2016.05.26 18:01:22	0.98972	0.00	0.00	0.00	-0.81
186692438	2016.05.26 17:30:28	buy	0.05	usdchf	0.98988	0.98154	0.99193	2016.05.26 18:01:22	0.98972	0.00	0.00	0.00	-0.81
186692466	2016.05.26 17:31:41	buy	0.05	usdchf	0.98988	0.98154	0.99193	2016.05.26 18:00:37	0.98971	0.00	0.00	0.00	-0.86
186692495	2016.05.26 17:33:16	buy	0.05	usdchf	0.98988	0.98154	0.99193	2016.05.26 18:00:25	0.98974	0.00	0.00	0.00	-0.71
186692535	2016.05.26 18:02:21	buy	0.05	usdchf	0.98969	0.98857	0.99184	2016.05.26 18:07:40	0.98980	0.00	0.00	0.00	0.56
186692583	2016.05.26 18:03:48	buy	0.05	eurusd	1.11867	1.11694	1.12273	2016.05.26 18:08:33	1.11844	0.00	0.00	0.00	-1.15
186692585	2016.05.26 18:04:38	buy	0.05	eurusd	1.11866	1.11671	1.12184	2016.05.26 18:11:15	1.11850	0.00	0.00	0.00	-0.80
186692605	2016.05.26 18:05:41	buy	0.05	gbpusd	1.46753	1.46594	1.47047	2016.05.26 18:15:03	1.46798	0.00	0.00	0.00	2.25
186692612	2016.05.26 18:06:12	buy	0.05	usdchf	0.98950	0.98828	0.99158	2016.05.26 18:11:15	0.98982	0.00	0.00	0.00	1.62
186692640	2016.05.26 18:08:54	buy	0.05	usdchf	0.98970	0.98835	0.99199	2016.05.26 18:14:47	0.99010	0.00	0.00	0.00	2.02
186692744	2016.05.26 18:15:15	sell	0.05	gbpusd	1.46759	1.46880	1.46537	2016.05.26 18:18:40	1.46744	0.00	0.00	0.00	0.75
186692761	2016.05.26 18:16:20	sell	0.05	gbpusd	1.46764	1.46877	1.46485	2016.05.26 18:30:29	1.46771	0.00	0.00	0.00	-0.35
186692879	2016.05.26 18:21:52	sell	0.05	gbpusd	1.46711	1.46865	1.46345	2016.05.26 18:41:01	1.46682	0.00	0.00	0.00	1.45
186693026	2016.05.26 18:28:17	sell	0.05	gbpusd	1.46658	1.46791	1.46326	2016.05.26 18:42:27	1.46668	0.00	0.00	0.00	-0.50
186693238	2016.05.26 18:36:08	sell	0.05	gbpusd	1.46759	1.46885	1.47361	2016.05.26 19:15:09	1.46885	0.00	0.00	0.00	-6.30
186693288	2016.05.26 19:00:49	buy	0.05	gbpusd	1.46672	1.46505	1.46955	2016.05.26 19:02:13	1.46694	0.00	0.00	0.00	1.10
										0.00	0.00	-0.64	-97.92
										Closed P/L:			-98.56
Open Trades:
